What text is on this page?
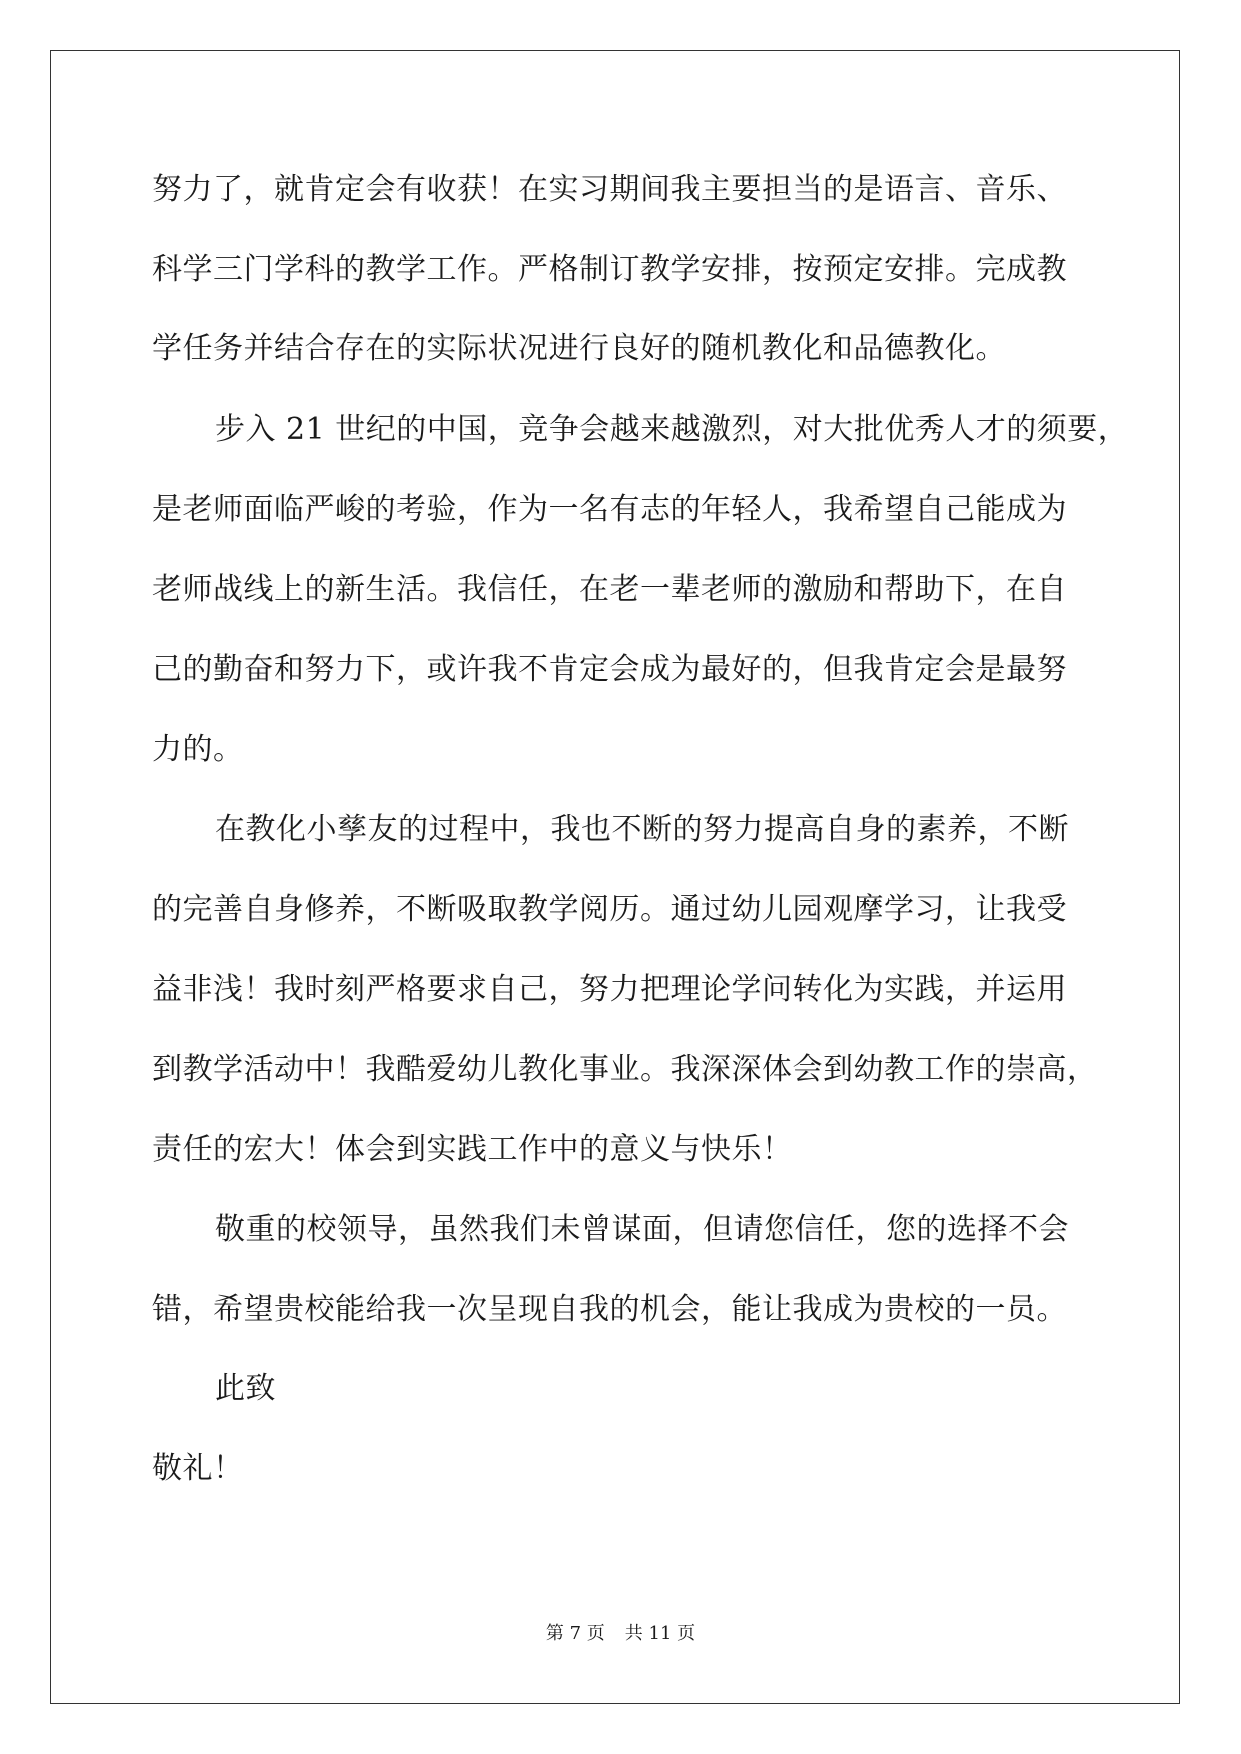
努力了，就肯定会有收获！在实习期间我主要担当的是语言、音乐、
科学三门学科的教学工作。严格制订教学安排，按预定安排。完成教
学任务并结合存在的实际状况进行良好的随机教化和品德教化。
步入 21 世纪的中国，竞争会越来越激烈，对大批优秀人才的须要，
是老师面临严峻的考验，作为一名有志的年轻人，我希望自己能成为
老师战线上的新生活。我信任，在老一辈老师的激励和帮助下，在自
己的勤奋和努力下，或许我不肯定会成为最好的，但我肯定会是最努
力的。
在教化小孳友的过程中，我也不断的努力提高自身的素养，不断
的完善自身修养，不断吸取教学阅历。通过幼儿园观摩学习，让我受
益非浅！我时刻严格要求自己，努力把理论学问转化为实践，并运用
到教学活动中！我酷爱幼儿教化事业。我深深体会到幼教工作的崇高，
责任的宏大！体会到实践工作中的意义与快乐！
敬重的校领导，虽然我们未曾谋面，但请您信任，您的选择不会
错，希望贵校能给我一次呈现自我的机会，能让我成为贵校的一员。
此致
敬礼！
第 7 页 共 11 页
